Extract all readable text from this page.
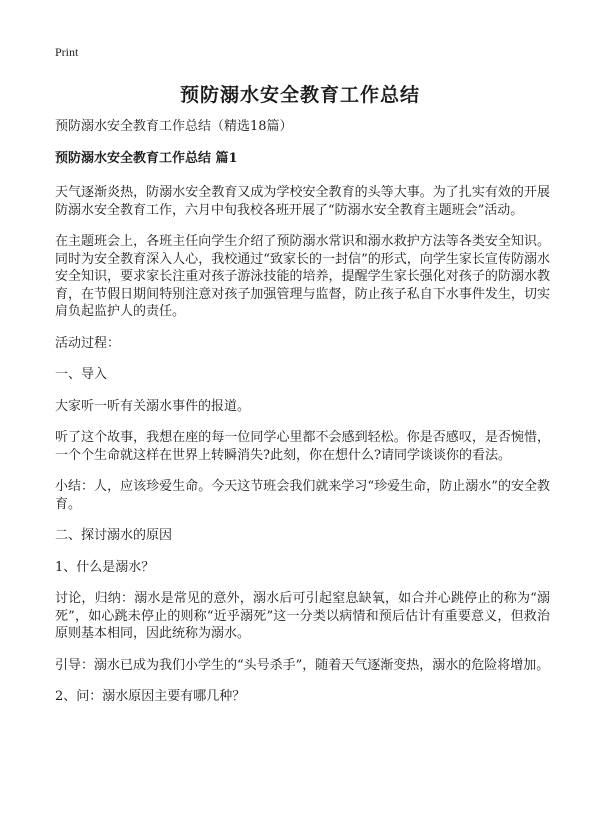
Print
预防溺水安全教育工作总结

预防溺水安全教育工作总结（精选18篇）

预防溺水安全教育工作总结 篇1

天气逐渐炎热，防溺水安全教育又成为学校安全教育的头等大事。为了扎实有效的开展防溺水安全教育工作，六月中旬我校各班开展了“防溺水安全教育主题班会”活动。

在主题班会上，各班主任向学生介绍了预防溺水常识和溺水救护方法等各类安全知识。同时为安全教育深入人心，我校通过“致家长的一封信”的形式，向学生家长宣传防溺水安全知识，要求家长注重对孩子游泳技能的培养，提醒学生家长强化对孩子的防溺水教育，在节假日期间特别注意对孩子加强管理与监督，防止孩子私自下水事件发生，切实肩负起监护人的责任。

活动过程：

一、导入

大家听一听有关溺水事件的报道。

听了这个故事，我想在座的每一位同学心里都不会感到轻松。你是否感叹，是否惋惜，一个个生命就这样在世界上转瞬消失?此刻，你在想什么?请同学谈谈你的看法。

小结：人，应该珍爱生命。今天这节班会我们就来学习“珍爱生命，防止溺水”的安全教育。

二、探讨溺水的原因

1、什么是溺水？

讨论，归纳：溺水是常见的意外，溺水后可引起窒息缺氧，如合并心跳停止的称为“溺死”，如心跳未停止的则称“近乎溺死”这一分类以病情和预后估计有重要意义，但救治原则基本相同，因此统称为溺水。

引导：溺水已成为我们小学生的“头号杀手”，随着天气逐渐变热，溺水的危险将增加。

2、问：溺水原因主要有哪几种？
